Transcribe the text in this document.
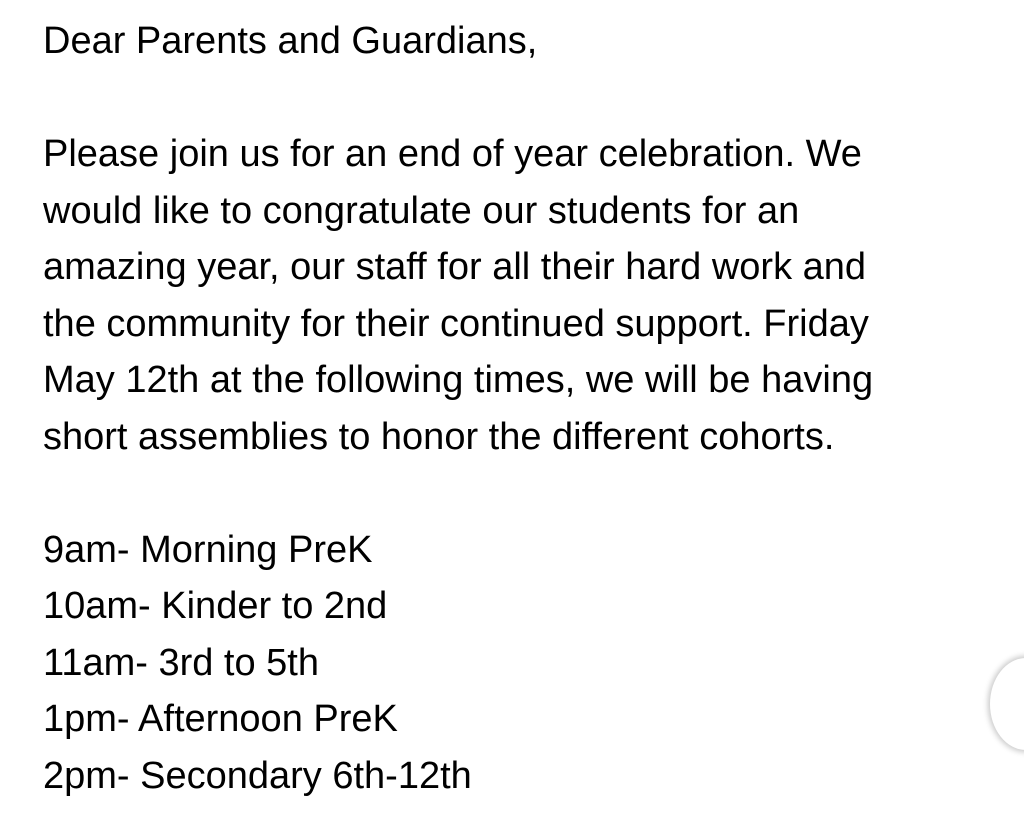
Dear Parents and Guardians,
Please join us for an end of year celebration. We
would like to congratulate our students for an
amazing year, our staff for all their hard work and
the community for their continued support. Friday
May 12th at the following times, we will be having
short assemblies to honor the different cohorts.
9am- Morning PreK
10am- Kinder to 2nd
11am- 3rd to 5th
1pm- Afternoon PreK
2pm- Secondary 6th-12th
